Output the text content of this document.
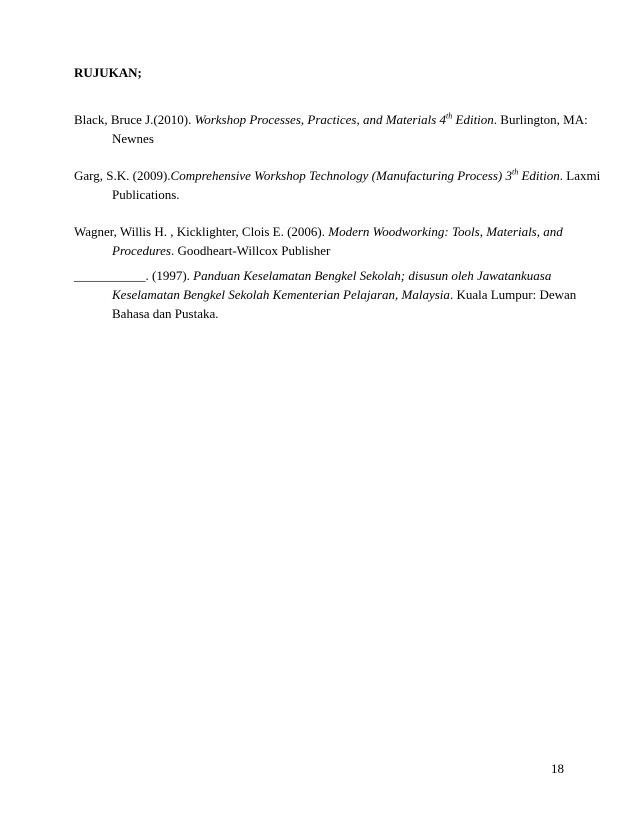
RUJUKAN;

Black, Bruce J.(2010). Workshop Processes, Practices, and Materials 4th Edition. Burlington, MA: Newnes

Garg, S.K. (2009).Comprehensive Workshop Technology (Manufacturing Process) 3th Edition. Laxmi Publications.

Wagner, Willis H. , Kicklighter, Clois E. (2006). Modern Woodworking: Tools, Materials, and Procedures. Goodheart-Willcox Publisher

___________. (1997). Panduan Keselamatan Bengkel Sekolah; disusun oleh Jawatankuasa Keselamatan Bengkel Sekolah Kementerian Pelajaran, Malaysia. Kuala Lumpur: Dewan Bahasa dan Pustaka.

18
